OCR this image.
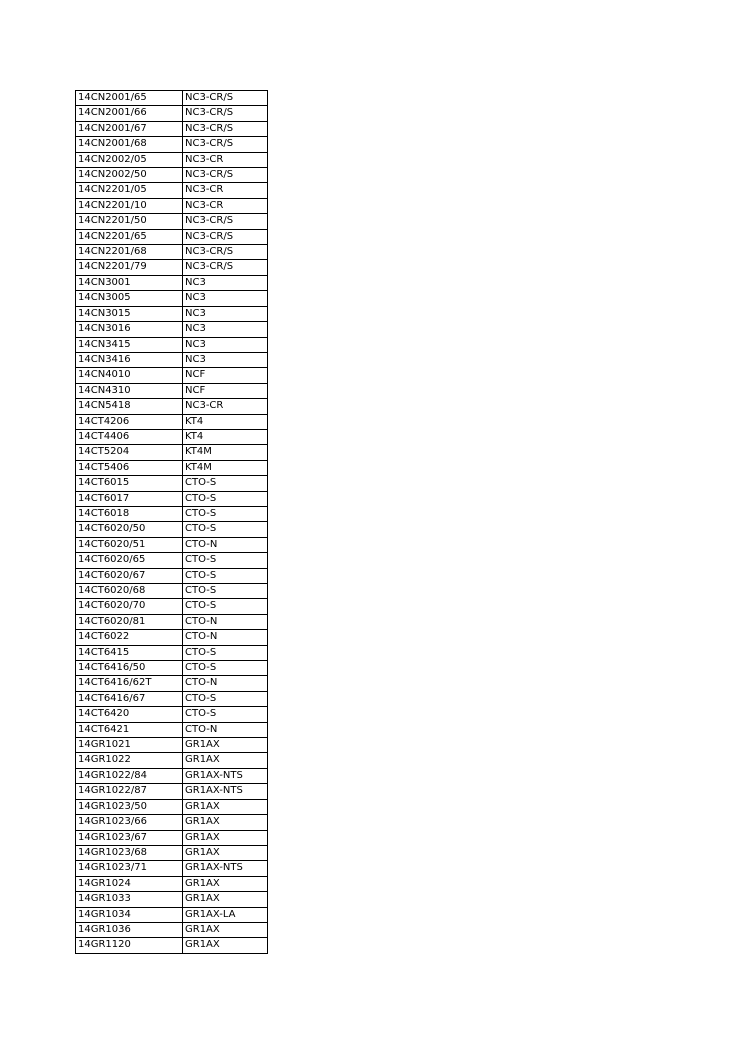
14CN2001/65	NC3-CR/S
14CN2001/66	NC3-CR/S
14CN2001/67	NC3-CR/S
14CN2001/68	NC3-CR/S
14CN2002/05	NC3-CR
14CN2002/50	NC3-CR/S
14CN2201/05	NC3-CR
14CN2201/10	NC3-CR
14CN2201/50	NC3-CR/S
14CN2201/65	NC3-CR/S
14CN2201/68	NC3-CR/S
14CN2201/79	NC3-CR/S
14CN3001	NC3
14CN3005	NC3
14CN3015	NC3
14CN3016	NC3
14CN3415	NC3
14CN3416	NC3
14CN4010	NCF
14CN4310	NCF
14CN5418	NC3-CR
14CT4206	KT4
14CT4406	KT4
14CT5204	KT4M
14CT5406	KT4M
14CT6015	CTO-S
14CT6017	CTO-S
14CT6018	CTO-S
14CT6020/50	CTO-S
14CT6020/51	CTO-N
14CT6020/65	CTO-S
14CT6020/67	CTO-S
14CT6020/68	CTO-S
14CT6020/70	CTO-S
14CT6020/81	CTO-N
14CT6022	CTO-N
14CT6415	CTO-S
14CT6416/50	CTO-S
14CT6416/62T	CTO-N
14CT6416/67	CTO-S
14CT6420	CTO-S
14CT6421	CTO-N
14GR1021	GR1AX
14GR1022	GR1AX
14GR1022/84	GR1AX-NTS
14GR1022/87	GR1AX-NTS
14GR1023/50	GR1AX
14GR1023/66	GR1AX
14GR1023/67	GR1AX
14GR1023/68	GR1AX
14GR1023/71	GR1AX-NTS
14GR1024	GR1AX
14GR1033	GR1AX
14GR1034	GR1AX-LA
14GR1036	GR1AX
14GR1120	GR1AX
